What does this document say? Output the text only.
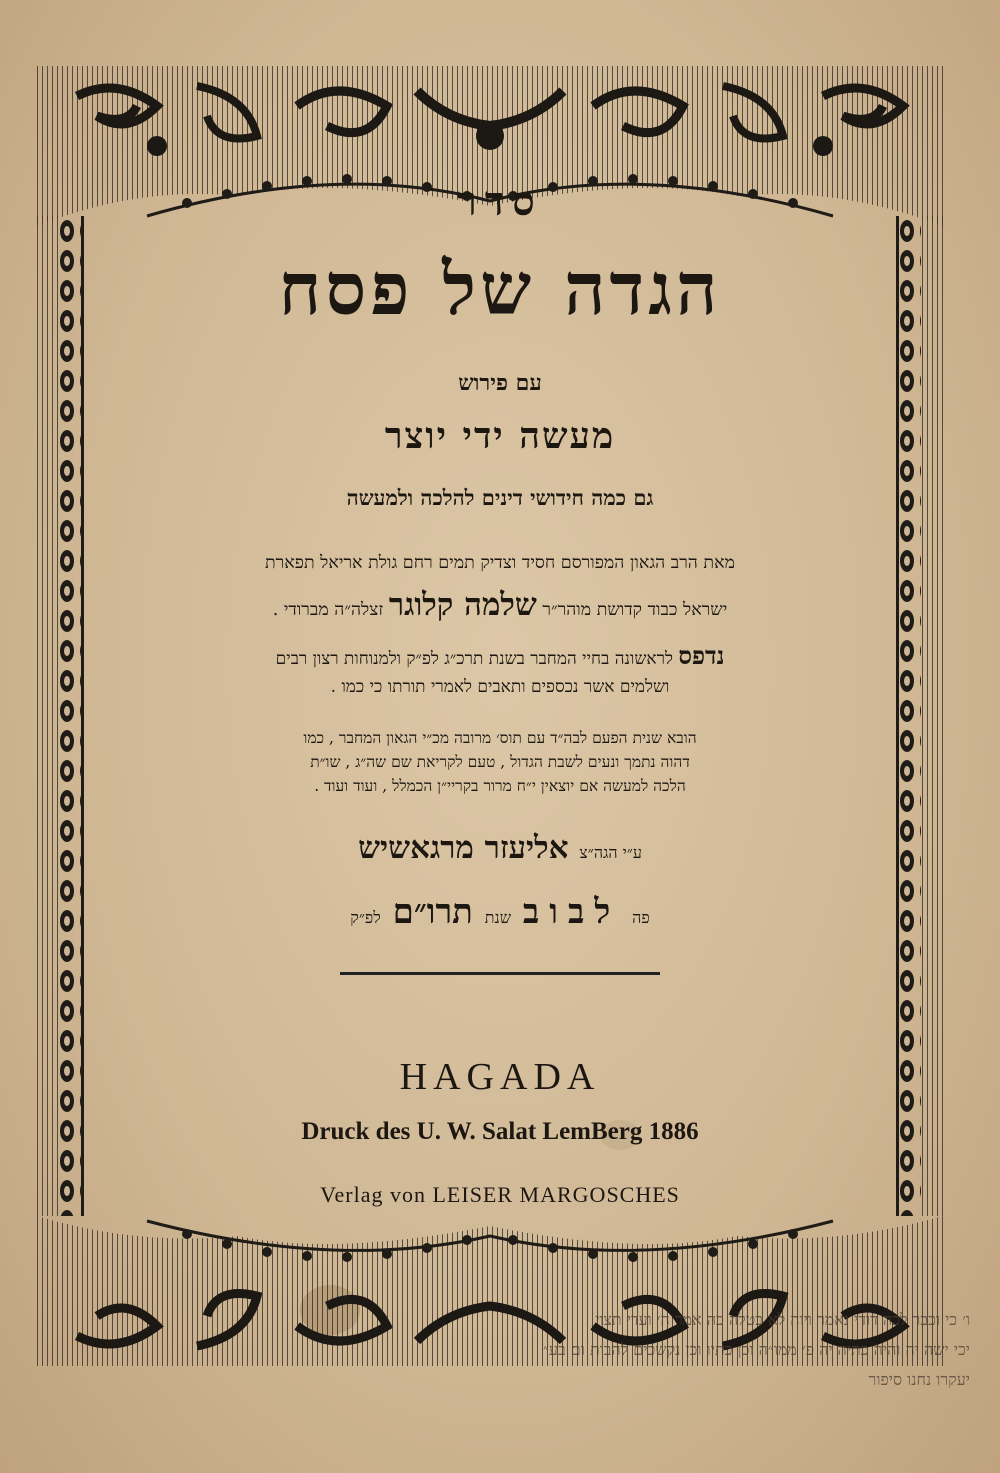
סדר
הגדה של פסח
עם פירוש
מעשה ידי יוצר
גם כמה חידושי דינים להלכה ולמעשה
מאת הרב הגאון המפורסם חסיד וצדיק תמים רחם גולת אריאל תפארת
ישראל כבוד קדושת מוהר״ר שלמה קלוגר זצלה״ה מברודי .
נדפס לראשונה בחיי המחבר בשנת תרכ״ג לפ״ק ולמנוחות רצון רבים
ושלמים אשר נכספים ותאבים לאמרי תורתו כי כמו .
הובא שנית הפעם לבה״ד עם תוס׳ מרובה מכ״י הגאון המחבר , כמו
דהוה נתמך ונעים לשבת הגדול , טעם לקריאת שם שה״ג , שו״ת
הלכה למעשה אם יוצאין י״ח מרור בקריי״ן הכמלל , ועוד ועוד .
ע״י הגה״צ אליעזר מרגאשיש
פה לבוב שנת תרו״ם לפ״ק
HAGADA
Druck des U. W. Salat LemBerg 1886
Verlag von LEISER MARGOSCHES
ו׳ כי וכבר לכה דודי נאמר ויוה לא בטלה כה אמר ה׳ ועדי תצוי
יכי ישה יה והיה כתיה יה פ׳ ממו״ה וכן כתיו וכן נקשכים להבות ום בע״
יעקרו נחנו סיפור
